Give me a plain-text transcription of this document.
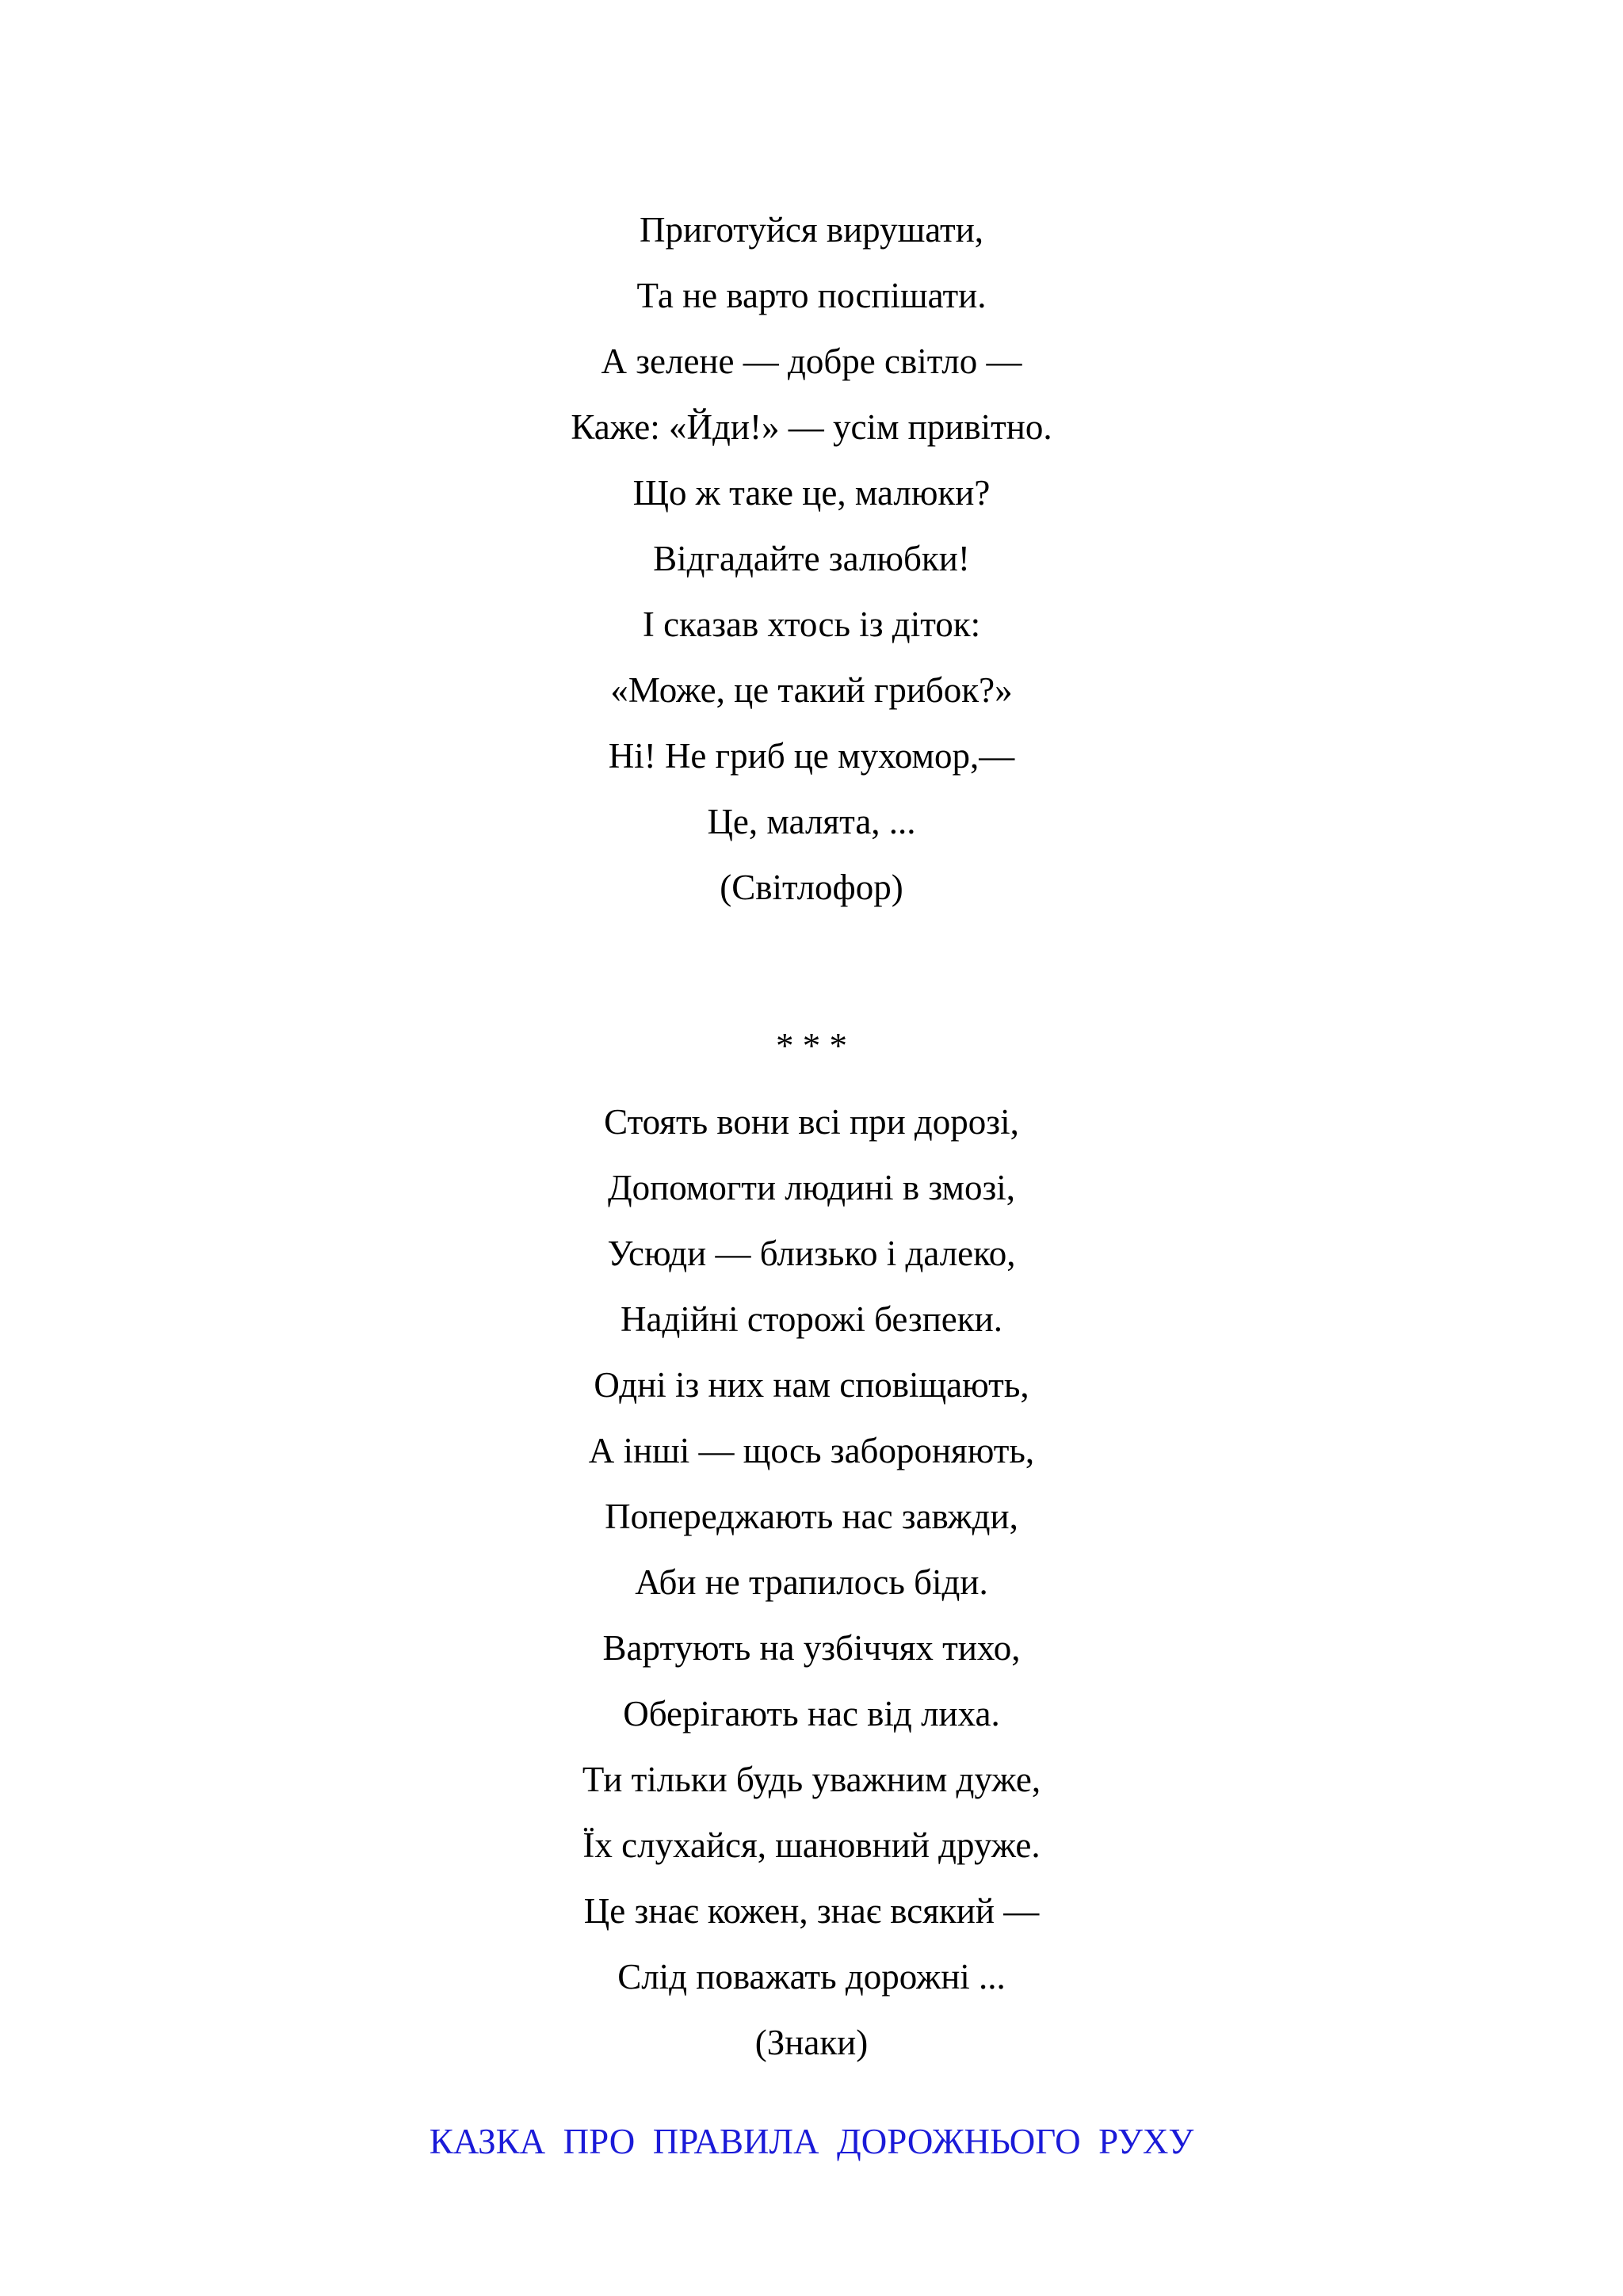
Приготуйся вирушати,
Та не варто поспішати.
А зелене — добре світло —
Каже: «Йди!» — усім привітно.
Що ж таке це, малюки?
Відгадайте залюбки!
І сказав хтось із діток:
«Може, це такий грибок?»
Ні! Не гриб це мухомор,—
Це, малята, ...
(Світлофор)
* * *
Стоять вони всі при дорозі,
Допомогти людині в змозі,
Усюди — близько і далеко,
Надійні сторожі безпеки.
Одні із них нам сповіщають,
А інші — щось забороняють,
Попереджають нас завжди,
Аби не трапилось біди.
Вартують на узбіччях тихо,
Оберігають нас від лиха.
Ти тільки будь уважним дуже,
Їх слухайся, шановний друже.
Це знає кожен, знає всякий —
Слід поважать дорожні ...
(Знаки)
КАЗКА  ПРО  ПРАВИЛА  ДОРОЖНЬОГО  РУХУ
